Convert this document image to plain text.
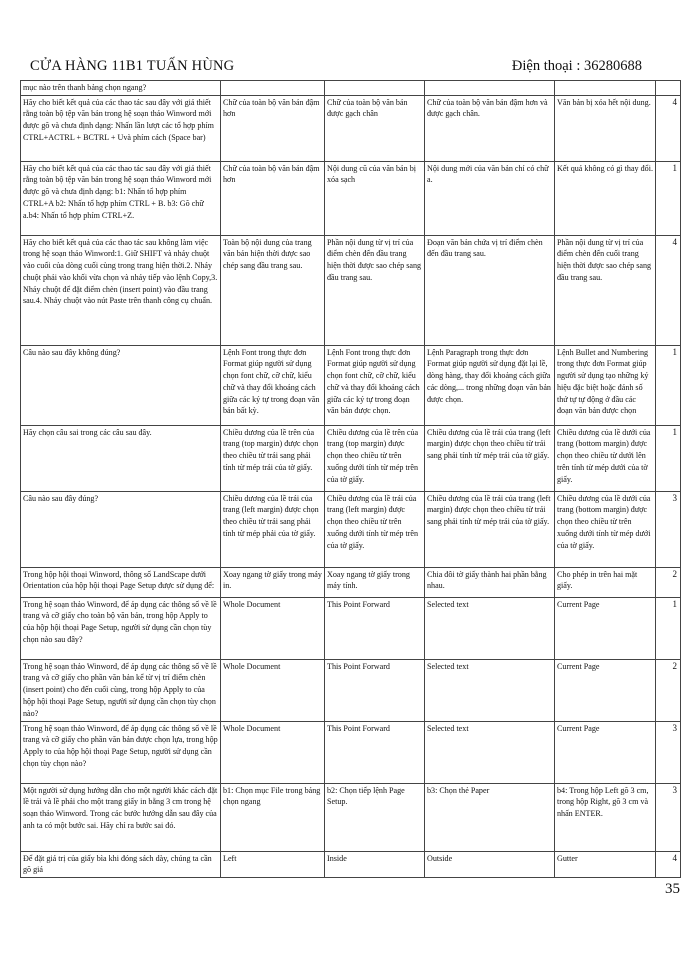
CỬA HÀNG 11B1 TUẤN HÙNG	Điện thoại : 36280688
mục nào trên thanh bảng chọn ngang?					
Hãy cho biết kết quả của các thao tác sau đây với giả thiết rằng toàn bộ tệp văn bản trong hệ soạn thảo Winword mới được gõ và chưa định dạng: Nhấn lần lượt các tổ hợp phím CTRL+ACTRL + BCTRL + Uvà phím cách (Space bar)	Chữ của toàn bộ văn bản đậm hơn	Chữ của toàn bộ văn bản được gạch chân	Chữ của toàn bộ văn bản đậm hơn và được gạch chân.	Văn bản bị xóa hết nội dung.	4
Hãy cho biết kết quả của các thao tác sau đây với giả thiết rằng toàn bộ tệp văn bản trong hệ soạn thảo Winword mới được gõ và chưa định dạng: b1: Nhấn tổ hợp phím CTRL+A b2: Nhấn tổ hợp phím CTRL + B. b3: Gõ chữ a.b4: Nhấn tổ hợp phím CTRL+Z.	Chữ của toàn bộ văn bản đậm hơn	Nội dung cũ của văn bản bị xóa sạch	Nội dung mới của văn bản chỉ có chữ a.	Kết quả không có gì thay đổi.	1
Hãy cho biết kết quả của các thao tác sau không làm việc trong hệ soạn thảo Winword:1. Giữ SHIFT và nháy chuột vào cuối của dòng cuối cùng trong trang hiện thời.2. Nháy chuột phải vào khối vừa chọn và nháy tiếp vào lệnh Copy,3. Nháy chuột để đặt điểm chèn (insert point) vào đầu trang sau.4. Nháy chuột vào nút Paste trên thanh công cụ chuẩn.	Toàn bộ nội dung của trang văn bản hiện thời được sao chép sang đầu trang sau.	Phần nội dung từ vị trí của điểm chèn đến đầu trang hiện thời được sao chép sang đầu trang sau.	Đoạn văn bản chứa vị trí điểm chèn đến đầu trang sau.	Phần nội dung từ vị trí của điểm chèn đến cuối trang hiện thời được sao chép sang đầu trang sau.	4
Câu nào sau đây không đúng?	Lệnh Font trong thực đơn Format giúp người sử dụng chọn font chữ, cỡ chữ, kiểu chữ và thay đổi khoảng cách giữa các ký tự trong đoạn văn bản bất kỳ.	Lệnh Font trong thực đơn Format giúp người sử dụng chọn font chữ, cỡ chữ, kiểu chữ và thay đổi khoảng cách giữa các ký tự trong đoạn văn bản được chọn.	Lệnh Paragraph trong thực đơn Format giúp người sử dụng đặt lại lề, dòng hàng, thay đổi khoảng cách giữa các dòng,... trong những đoạn văn bản được chọn.	Lệnh Bullet and Numbering trong thực đơn Format giúp người sử dụng tạo những ký hiệu đặc biệt hoặc đánh số thứ tự tự động ở đầu các đoạn văn bản được chọn	1
Hãy chọn câu sai trong các câu sau đây.	Chiều dương của lề trên của trang (top margin) được chọn theo chiều từ trái sang phải tính từ mép trái của tờ giấy.	Chiều dương của lề trên của trang (top margin) được chọn theo chiều từ trên xuống dưới tính từ mép trên của tờ giấy.	Chiều dương của lề trái của trang (left margin) được chọn theo chiều từ trái sang phải tính từ mép trái của tờ giấy.	Chiều dương của lề dưới của trang (bottom margin) được chọn theo chiều từ dưới lên trên tính từ mép dưới của tờ giấy.	1
Câu nào sau đây đúng?	Chiều dương của lề trái của trang (left margin) được chọn theo chiều từ trái sang phải tính từ mép phải của tờ giấy.	Chiều dương của lề trái của trang (left margin) được chọn theo chiều từ trên xuống dưới tính từ mép trên của tờ giấy.	Chiều dương của lề trái của trang (left margin) được chọn theo chiều từ trái sang phải tính từ mép trái của tờ giấy.	Chiều dương của lề dưới của trang (bottom margin) được chọn theo chiều từ trên xuống dưới tính từ mép dưới của tờ giấy.	3
Trong hộp hội thoại Winword, thông số LandScape dưới Orientation của hộp hội thoại Page Setup được sử dụng để:	Xoay ngang tờ giấy trong máy in.	Xoay ngang tờ giấy trong máy tính.	Chia đôi tờ giấy thành hai phần bằng nhau.	Cho phép in trên hai mặt giấy.	2
Trong hệ soạn thảo Winword, để áp dụng các thông số về lề trang và cỡ giấy cho toàn bộ văn bản, trong hộp Apply to của hộp hội thoại Page Setup, người sử dụng cần chọn tùy chọn nào sau đây?	Whole Document	This Point Forward	Selected text	Current Page	1
Trong hệ soạn thảo Winword, để áp dụng các thông số về lề trang và cỡ giấy cho phần văn bản kể từ vị trí điểm chèn (insert point) cho đến cuối cùng, trong hộp Apply to của hộp hội thoại Page Setup, người sử dụng cần chọn tùy chọn nào?	Whole Document	This Point Forward	Selected text	Current Page	2
Trong hệ soạn thảo Winword, để áp dụng các thông số về lề trang và cỡ giấy cho phần văn bản được chọn lựa, trong hộp Apply to của hộp hội thoại Page Setup, người sử dụng cần chọn tùy chọn nào?	Whole Document	This Point Forward	Selected text	Current Page	3
Một người sử dụng hướng dẫn cho một người khác cách đặt lề trái và lề phải cho một trang giấy in bằng 3 cm trong hệ soạn thảo Winword. Trong các bước hướng dẫn sau đây của anh ta có một bước sai. Hãy chỉ ra bước sai đó.	b1: Chọn mục File trong bảng chọn ngang	b2: Chọn tiếp lệnh Page Setup.	b3: Chọn thẻ Paper	b4: Trong hộp Left gõ 3 cm, trong hộp Right, gõ 3 cm và nhấn ENTER.	3
Để đặt giá trị của giấy bìa khi đóng sách dày, chúng ta cần gõ giá	Left	Inside	Outside	Gutter	4
35
